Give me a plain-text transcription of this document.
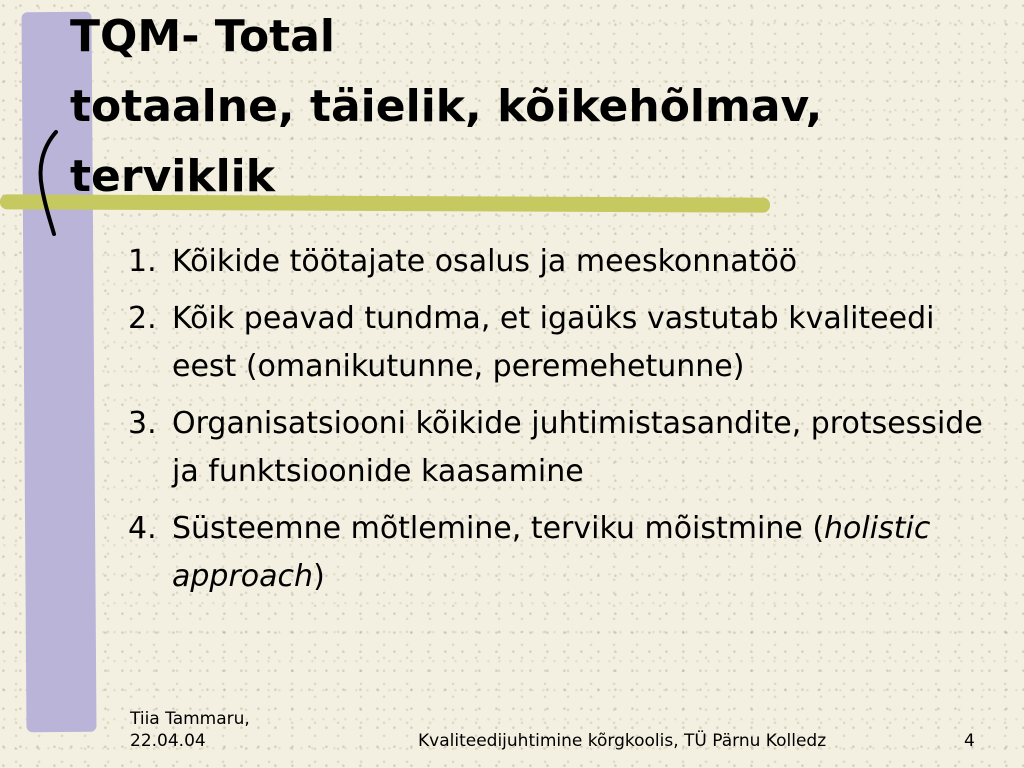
TQM- Total
totaalne, täielik, kõikehõlmav,
terviklik
1. Kõikide töötajate osalus ja meeskonnatöö
2. Kõik peavad tundma, et igaüks vastutab kvaliteedi eest (omanikutunne, peremehetunne)
3. Organisatsiooni kõikide juhtimistasandite, protsesside ja funktsioonide kaasamine
4. Süsteemne mõtlemine, terviku mõistmine (holistic approach)
Tiia Tammaru,
22.04.04	Kvaliteedijuhtimine kõrgkoolis, TÜ Pärnu Kolledz	4
